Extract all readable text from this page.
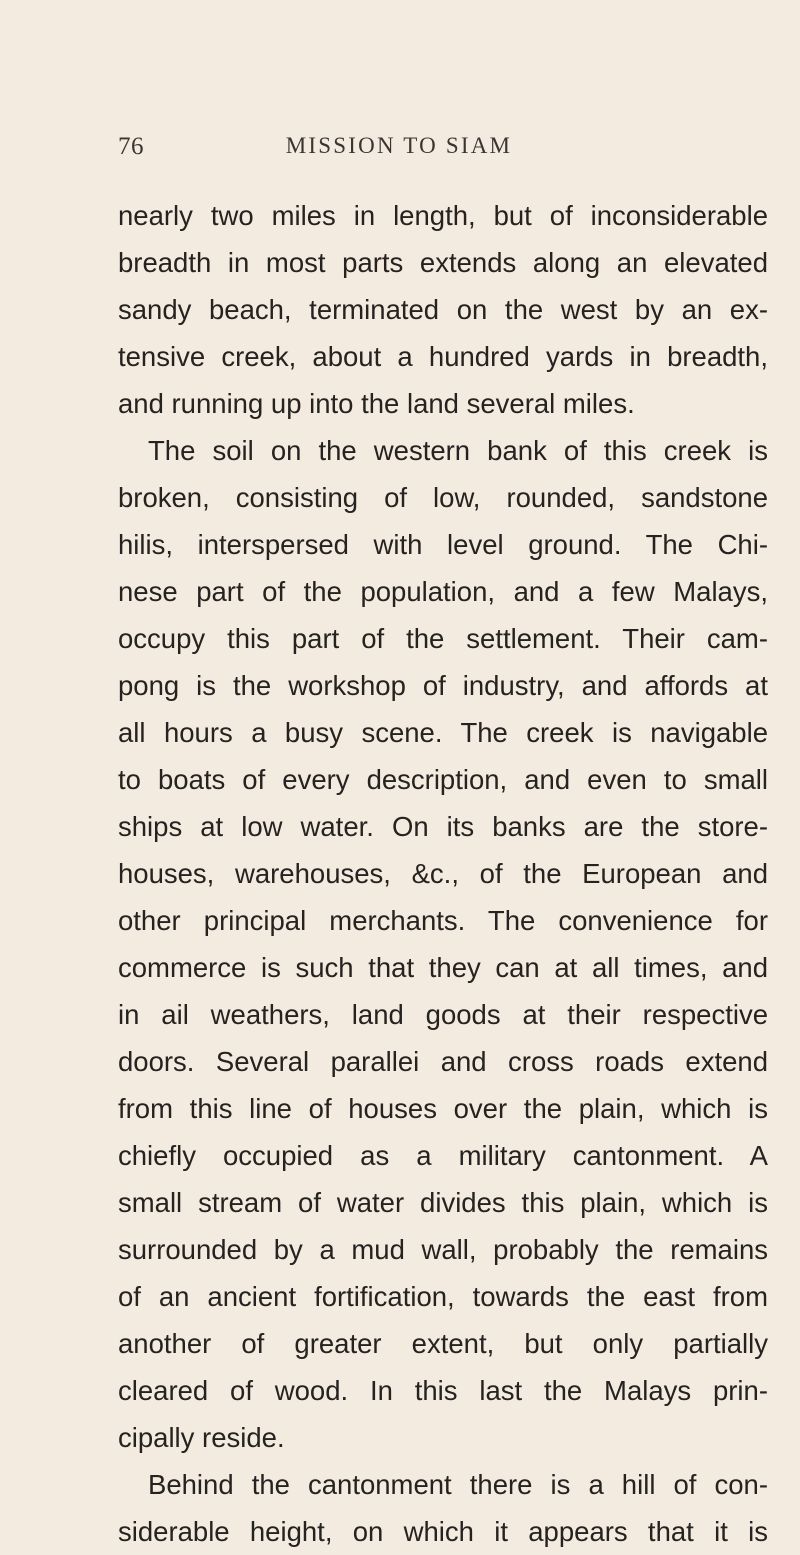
76	MISSION TO SIAM
nearly two miles in length, but of inconsiderable
breadth in most parts extends along an elevated
sandy beach, terminated on the west by an ex-
tensive creek, about a hundred yards in breadth,
and running up into the land several miles.
The soil on the western bank of this creek is
broken, consisting of low, rounded, sandstone
hilis, interspersed with level ground. The Chi-
nese part of the population, and a few Malays,
occupy this part of the settlement. Their cam-
pong is the workshop of industry, and affords at
all hours a busy scene. The creek is navigable
to boats of every description, and even to small
ships at low water. On its banks are the store-
houses, warehouses, &c., of the European and
other principal merchants. The convenience for
commerce is such that they can at all times, and
in ail weathers, land goods at their respective
doors. Several parallei and cross roads extend
from this line of houses over the plain, which is
chiefly occupied as a military cantonment. A
small stream of water divides this plain, which is
surrounded by a mud wall, probably the remains
of an ancient fortification, towards the east from
another of greater extent, but only partially
cleared of wood. In this last the Malays prin-
cipally reside.
Behind the cantonment there is a hill of con-
siderable height, on which it appears that it is
